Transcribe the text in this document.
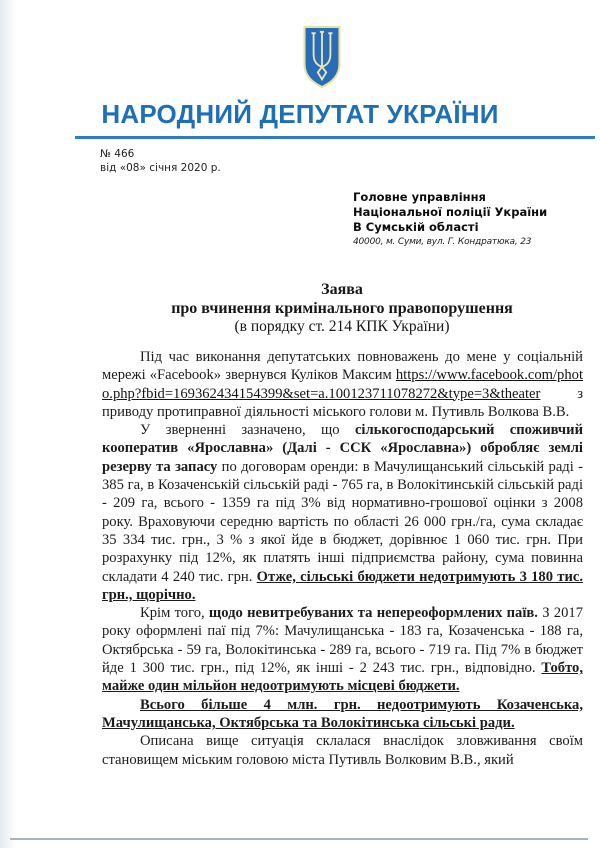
НАРОДНИЙ ДЕПУТАТ УКРАЇНИ
№ 466
від «08» січня 2020 р.
Головне управління
Національної поліції України
В Сумській області
40000, м. Суми, вул. Г. Кондратюка, 23
Заява
про вчинення кримінального правопорушення
(в порядку ст. 214 КПК України)

Під час виконання депутатських повноважень до мене у соціальній мережі «Facebook» звернувся Куліков Максим https://www.facebook.com/photo.php?fbid=169362434154399&set=a.100123711078272&type=3&theater з приводу протиправної діяльності міського голови м. Путивль Волкова В.В.

У зверненні зазначено, що сількогосподарський споживчий кооператив «Ярославна» (Далі - ССК «Ярославна») обробляє землі резерву та запасу по договорам оренди: в Мачулищанський сільській раді - 385 га, в Козаченській сільській раді - 765 га, в Волокітинській сільській раді - 209 га, всього - 1359 га під 3% від нормативно-грошової оцінки з 2008 року. Враховуючи середню вартість по області 26 000 грн./га, сума складає 35 334 тис. грн., 3 % з якої йде в бюджет, дорівнює 1 060 тис. грн. При розрахунку під 12%, як платять інші підприємства району, сума повинна складати 4 240 тис. грн. Отже, сільські бюджети недотримують 3 180 тис. грн., щорічно.

Крім того, щодо невитребуваних та непереоформлених паїв. З 2017 року оформлені паї під 7%: Мачулищанська - 183 га, Козаченська - 188 га, Октябрська - 59 га, Волокітинська - 289 га, всього - 719 га. Під 7% в бюджет йде 1 300 тис. грн., під 12%, як інші - 2 243 тис. грн., відповідно. Тобто, майже один мільйон недоотримують місцеві бюджети.

Всього більше 4 млн. грн. недоотримують Козаченська, Мачулищанська, Октябрська та Волокітинська сільські ради.

Описана вище ситуація склалася внаслідок зловживання своїм становищем міським головою міста Путивль Волковим В.В., який
